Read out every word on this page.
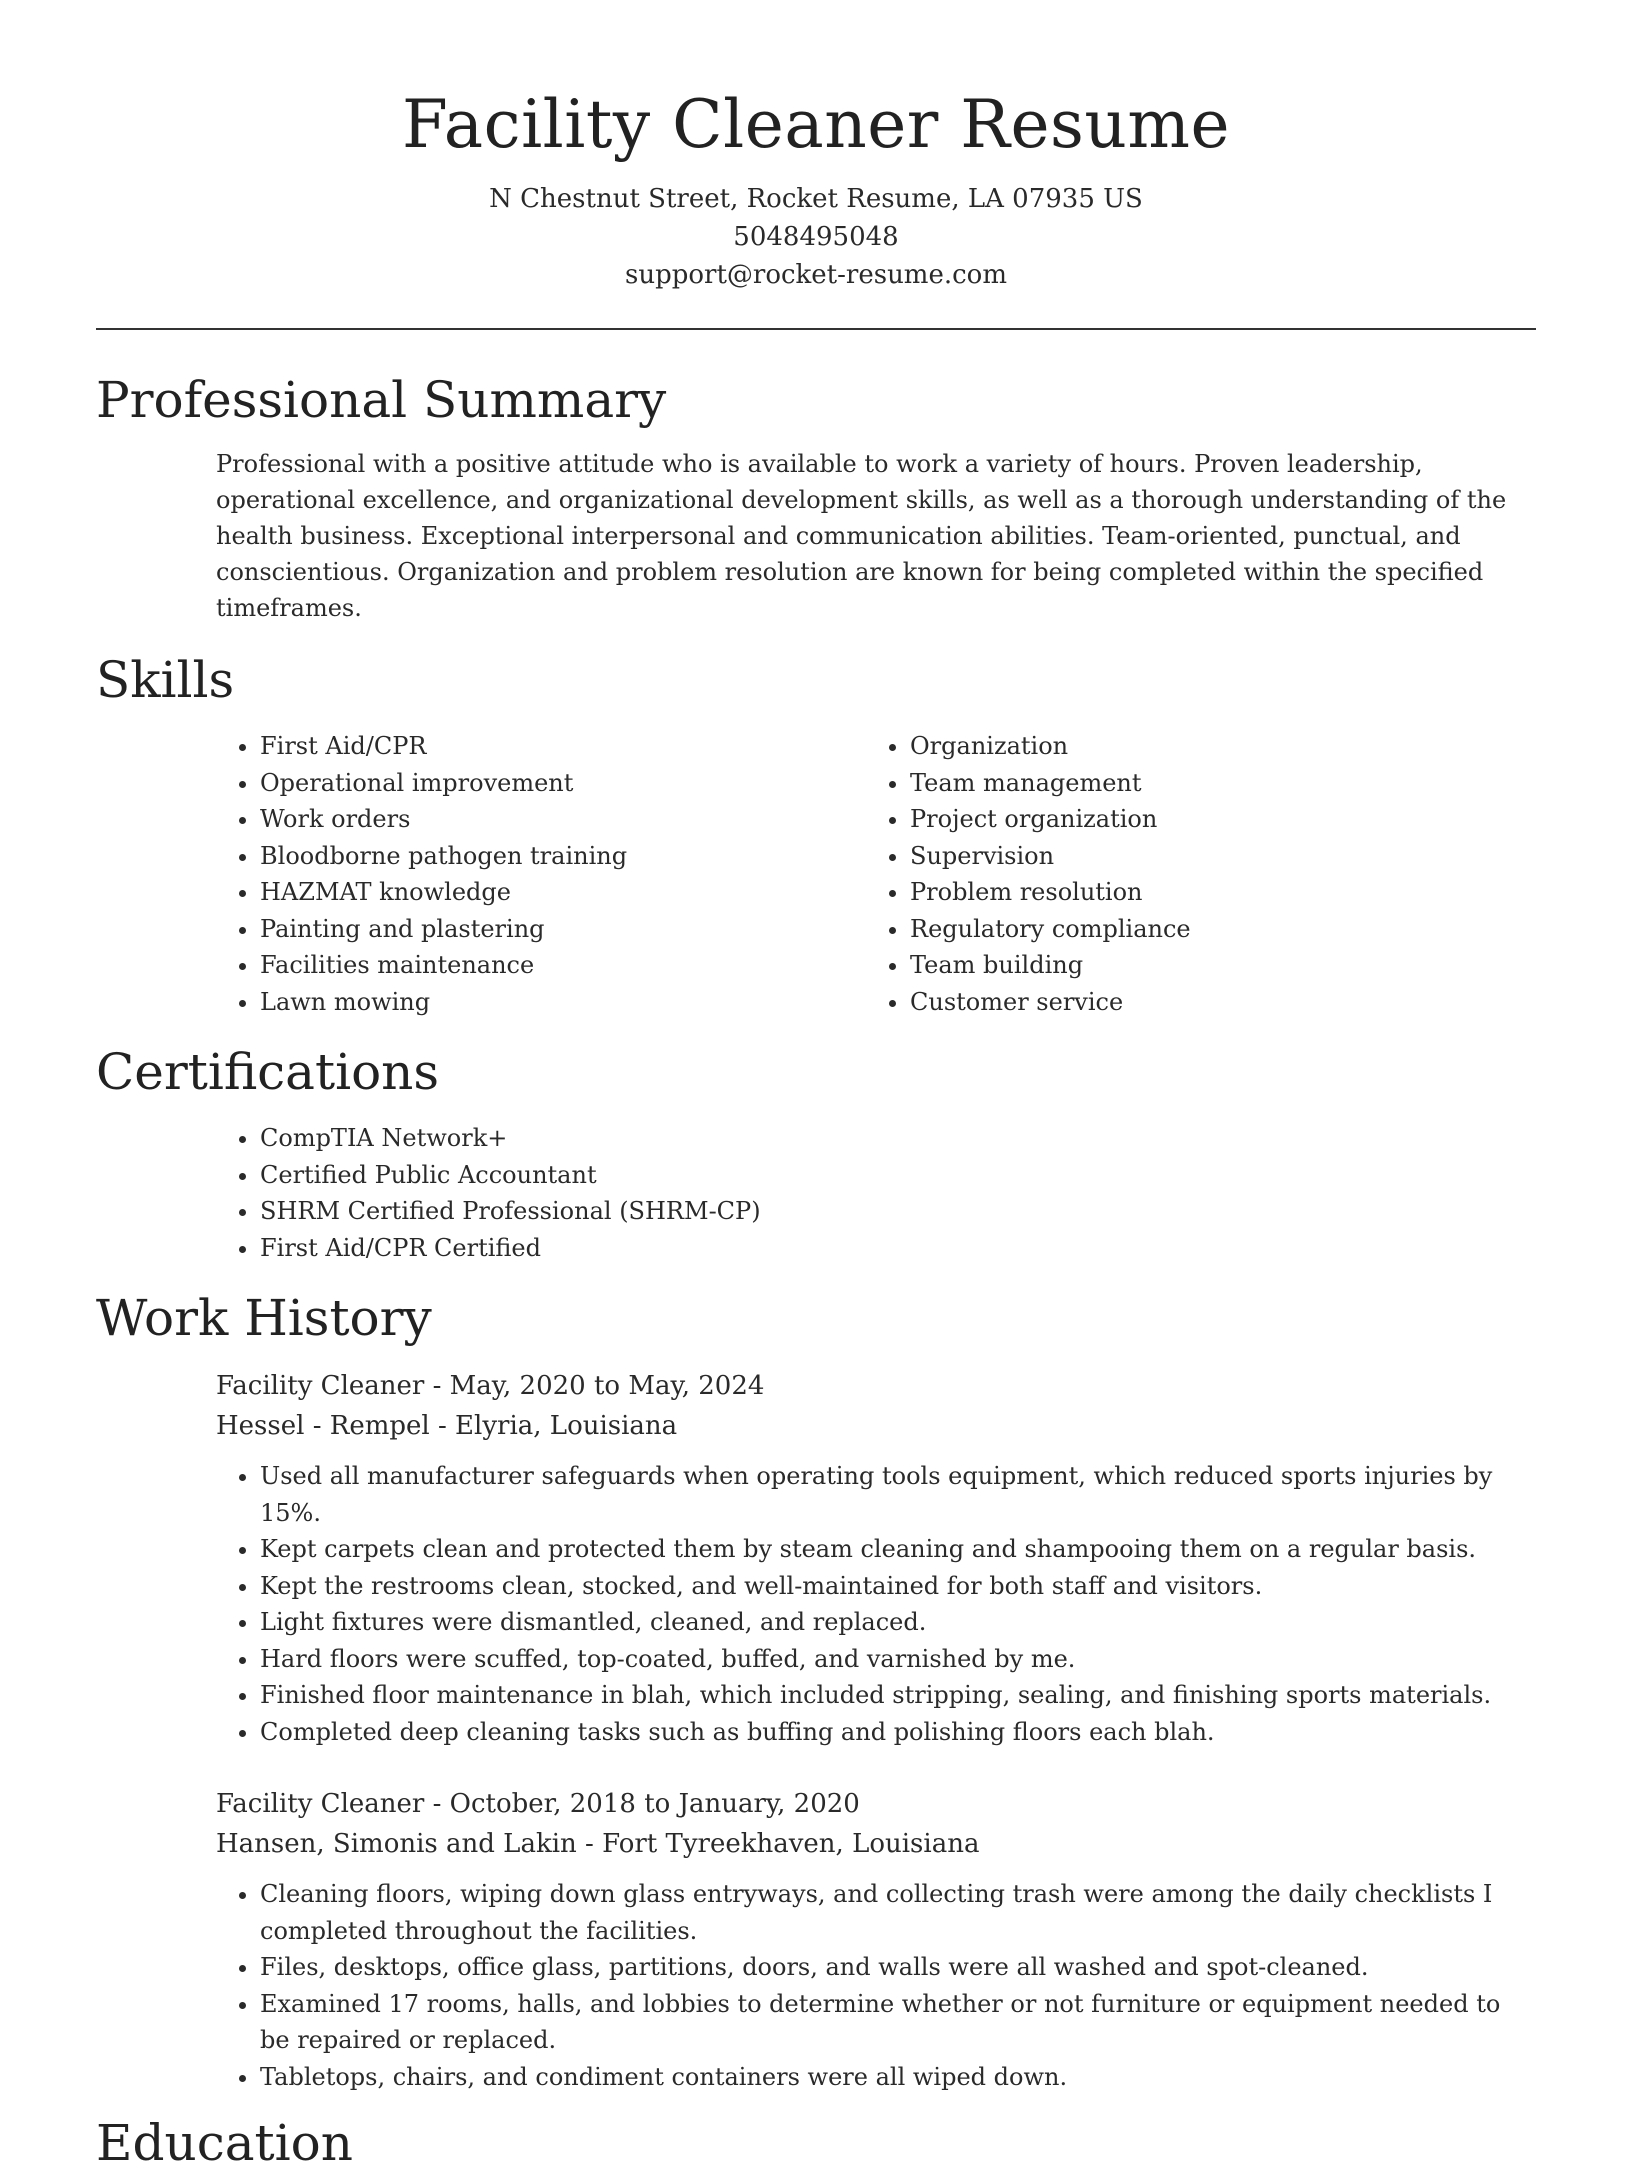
Facility Cleaner Resume
N Chestnut Street, Rocket Resume, LA 07935 US
5048495048
support@rocket-resume.com
Professional Summary

Professional with a positive attitude who is available to work a variety of hours. Proven leadership, operational excellence, and organizational development skills, as well as a thorough understanding of the health business. Exceptional interpersonal and communication abilities. Team-oriented, punctual, and conscientious. Organization and problem resolution are known for being completed within the specified timeframes.

Skills
• First Aid/CPR
• Operational improvement
• Work orders
• Bloodborne pathogen training
• HAZMAT knowledge
• Painting and plastering
• Facilities maintenance
• Lawn mowing
• Organization
• Team management
• Project organization
• Supervision
• Problem resolution
• Regulatory compliance
• Team building
• Customer service
Certifications
• CompTIA Network+
• Certified Public Accountant
• SHRM Certified Professional (SHRM-CP)
• First Aid/CPR Certified
Work History
Facility Cleaner - May, 2020 to May, 2024
Hessel - Rempel - Elyria, Louisiana
• Used all manufacturer safeguards when operating tools equipment, which reduced sports injuries by 15%.
• Kept carpets clean and protected them by steam cleaning and shampooing them on a regular basis.
• Kept the restrooms clean, stocked, and well-maintained for both staff and visitors.
• Light fixtures were dismantled, cleaned, and replaced.
• Hard floors were scuffed, top-coated, buffed, and varnished by me.
• Finished floor maintenance in blah, which included stripping, sealing, and finishing sports materials.
• Completed deep cleaning tasks such as buffing and polishing floors each blah.
Facility Cleaner - October, 2018 to January, 2020
Hansen, Simonis and Lakin - Fort Tyreekhaven, Louisiana
• Cleaning floors, wiping down glass entryways, and collecting trash were among the daily checklists I completed throughout the facilities.
• Files, desktops, office glass, partitions, doors, and walls were all washed and spot-cleaned.
• Examined 17 rooms, halls, and lobbies to determine whether or not furniture or equipment needed to be repaired or replaced.
• Tabletops, chairs, and condiment containers were all wiped down.
Education
